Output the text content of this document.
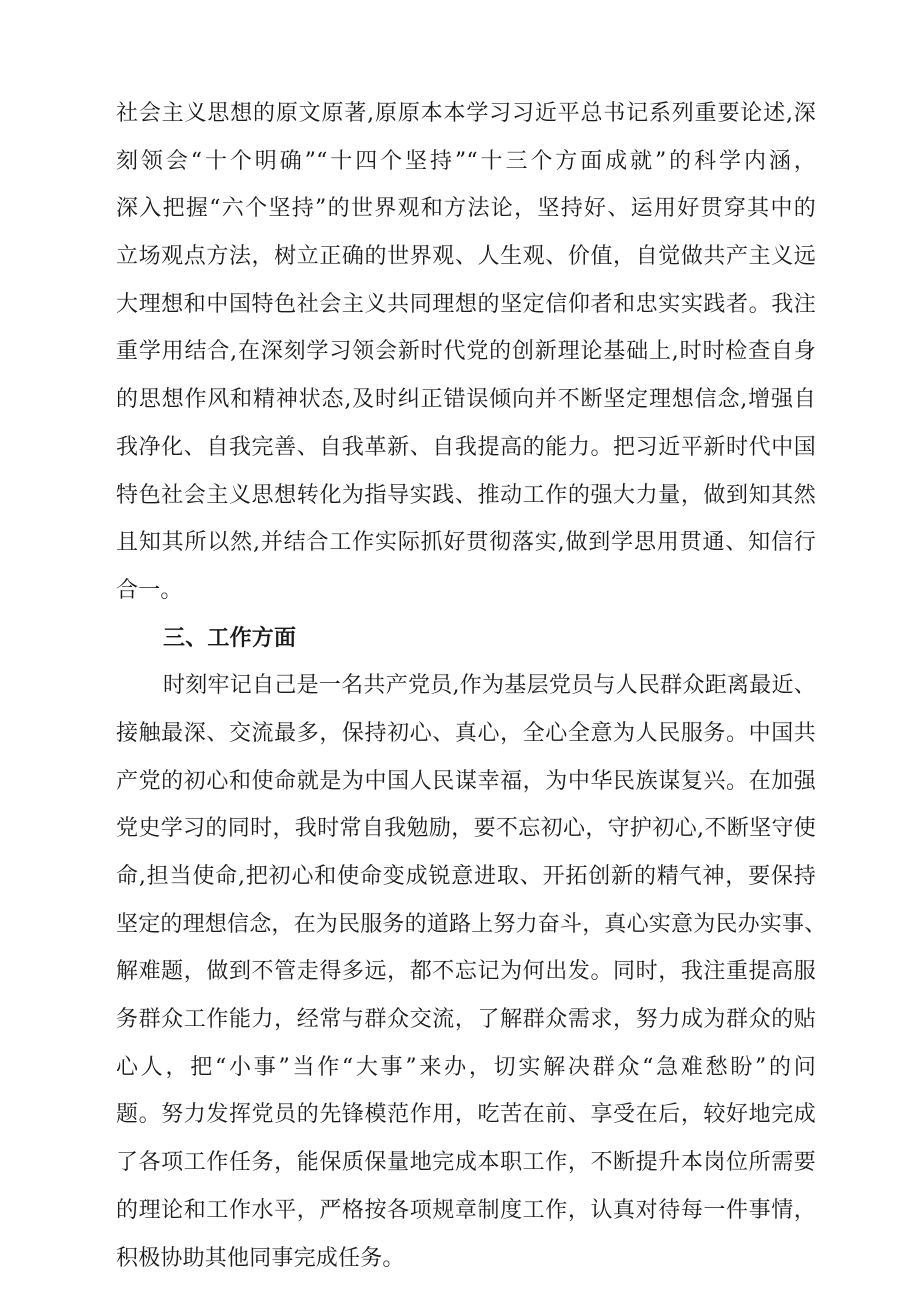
社会主义思想的原文原著,原原本本学习习近平总书记系列重要论述,深
刻领会“十个明确”“十四个坚持”“十三个方面成就”的科学内涵，
深入把握“六个坚持”的世界观和方法论，坚持好、运用好贯穿其中的
立场观点方法，树立正确的世界观、人生观、价值，自觉做共产主义远
大理想和中国特色社会主义共同理想的坚定信仰者和忠实实践者。我注
重学用结合,在深刻学习领会新时代党的创新理论基础上,时时检查自身
的思想作风和精神状态,及时纠正错误倾向并不断坚定理想信念,增强自
我净化、自我完善、自我革新、自我提高的能力。把习近平新时代中国
特色社会主义思想转化为指导实践、推动工作的强大力量，做到知其然
且知其所以然,并结合工作实际抓好贯彻落实,做到学思用贯通、知信行
合一。
三、工作方面
时刻牢记自己是一名共产党员,作为基层党员与人民群众距离最近、
接触最深、交流最多，保持初心、真心，全心全意为人民服务。中国共
产党的初心和使命就是为中国人民谋幸福，为中华民族谋复兴。在加强
党史学习的同时，我时常自我勉励，要不忘初心，守护初心,不断坚守使
命,担当使命,把初心和使命变成锐意进取、开拓创新的精气神，要保持
坚定的理想信念，在为民服务的道路上努力奋斗，真心实意为民办实事、
解难题，做到不管走得多远，都不忘记为何出发。同时，我注重提高服
务群众工作能力，经常与群众交流，了解群众需求，努力成为群众的贴
心人，把“小事”当作“大事”来办，切实解决群众“急难愁盼”的问
题。努力发挥党员的先锋模范作用，吃苦在前、享受在后，较好地完成
了各项工作任务，能保质保量地完成本职工作，不断提升本岗位所需要
的理论和工作水平，严格按各项规章制度工作，认真对待每一件事情，
积极协助其他同事完成任务。
